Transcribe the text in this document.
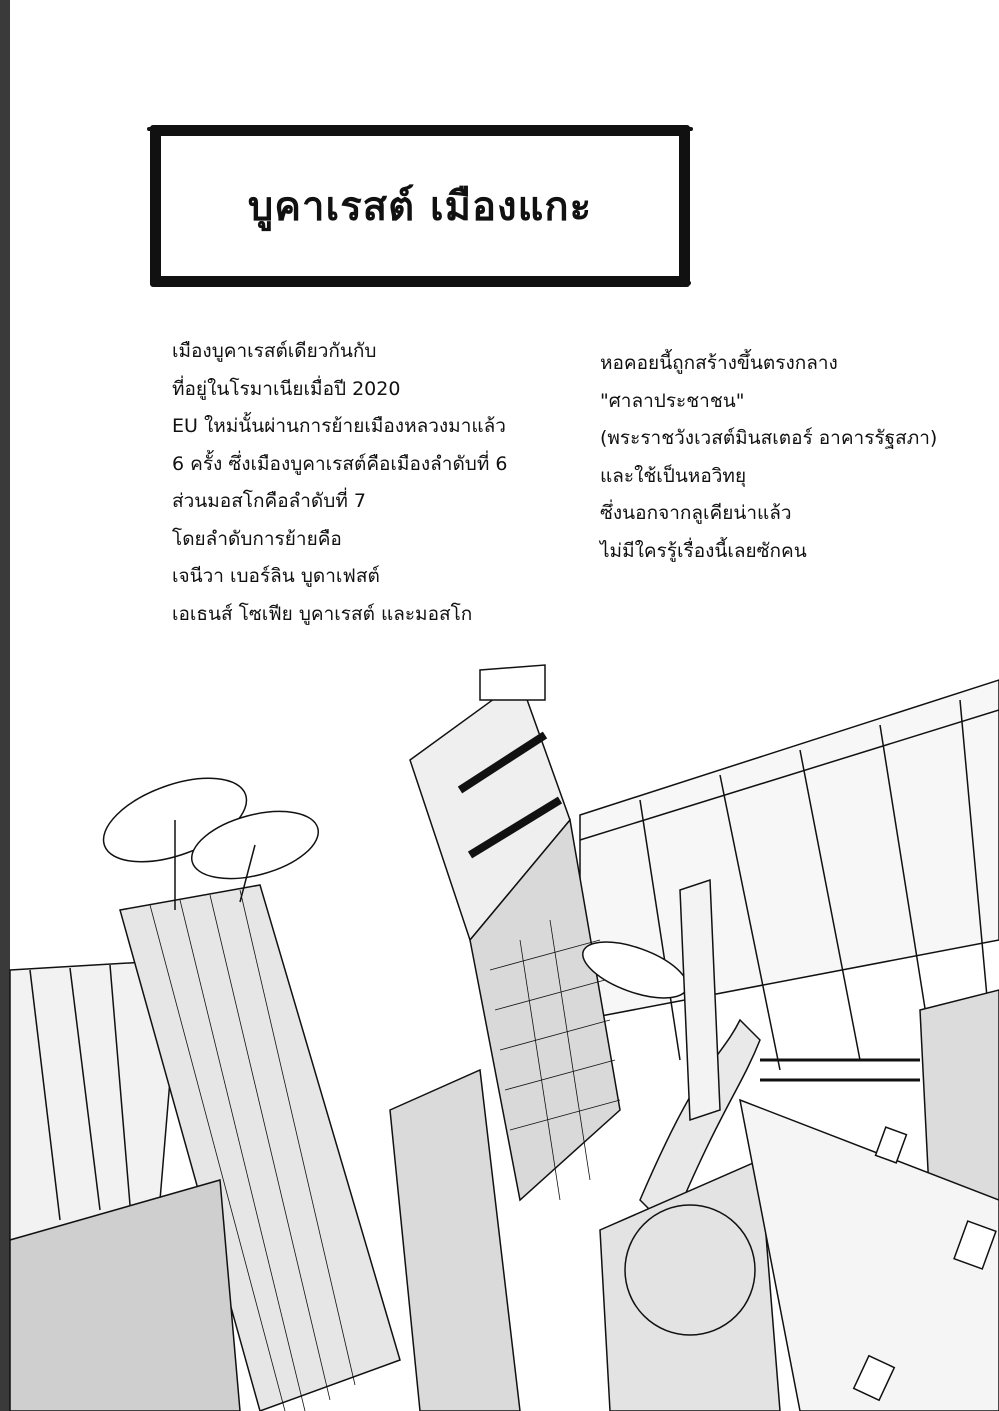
บูคาเรสต์ เมืองแกะ
เมืองบูคาเรสต์เดียวกันกับ
ที่อยู่ในโรมาเนียเมื่อปี 2020
EU ใหม่นั้นผ่านการย้ายเมืองหลวงมาแล้ว
6 ครั้ง ซึ่งเมืองบูคาเรสต์คือเมืองลำดับที่ 6
ส่วนมอสโกคือลำดับที่ 7
โดยลำดับการย้ายคือ
เจนีวา เบอร์ลิน บูดาเฟสต์
เอเธนส์ โซเฟีย บูคาเรสต์ และมอสโก
หอคอยนี้ถูกสร้างขึ้นตรงกลาง
"ศาลาประชาชน"
(พระราชวังเวสต์มินสเตอร์ อาคารรัฐสภา)
และใช้เป็นหอวิทยุ
ซึ่งนอกจากลูเคียน่าแล้ว
ไม่มีใครรู้เรื่องนี้เลยซักคน
